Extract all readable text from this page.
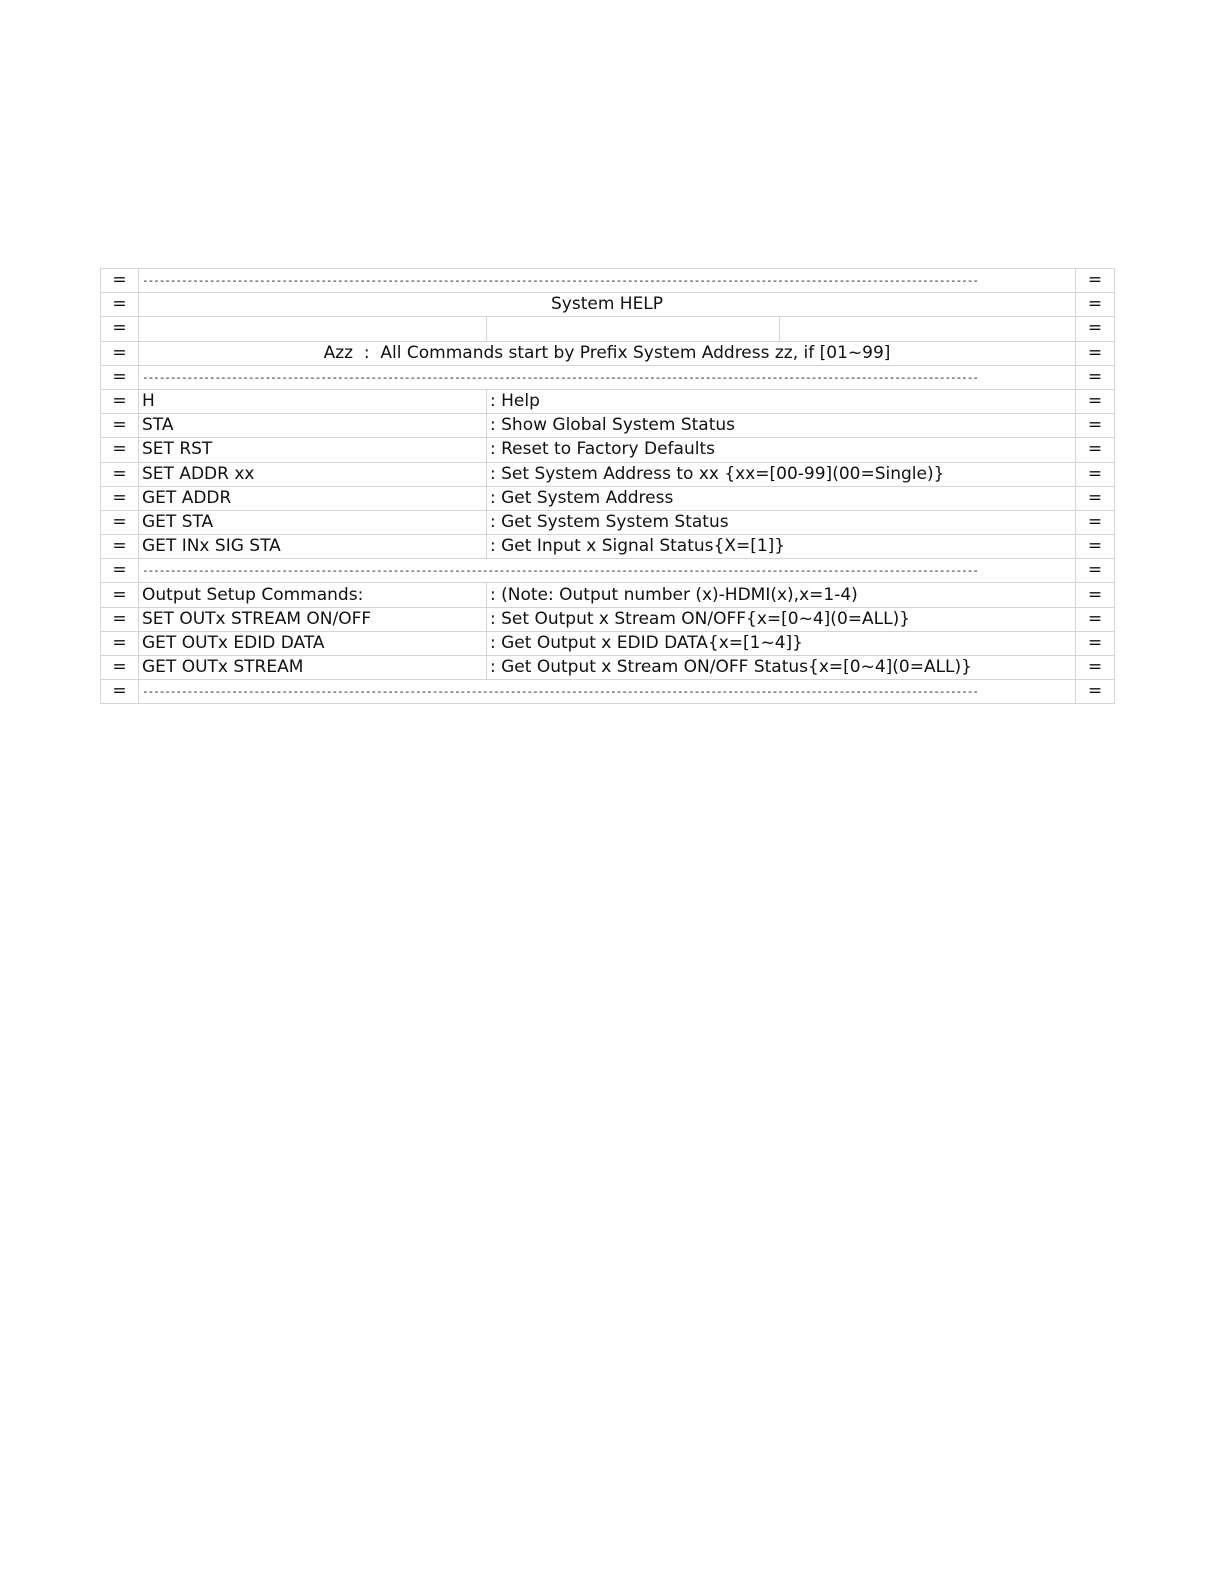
=	------------------------------------------------------------------------------------------------------------------------------------------------------			=
=	System HELP			=
=				=
=	Azz  :  All Commands start by Prefix System Address zz, if [01~99]			=
=	------------------------------------------------------------------------------------------------------------------------------------------------------			=
=	H	: Help		=
=	STA	: Show Global System Status		=
=	SET RST	: Reset to Factory Defaults		=
=	SET ADDR xx	: Set System Address to xx {xx=[00-99](00=Single)}		=
=	GET ADDR	: Get System Address		=
=	GET STA	: Get System System Status		=
=	GET INx SIG STA	: Get Input x Signal Status{X=[1]}		=
=	------------------------------------------------------------------------------------------------------------------------------------------------------			=
=	Output Setup Commands:	: (Note: Output number (x)-HDMI(x),x=1-4)		=
=	SET OUTx STREAM ON/OFF	: Set Output x Stream ON/OFF{x=[0~4](0=ALL)}		=
=	GET OUTx EDID DATA	: Get Output x EDID DATA{x=[1~4]}		=
=	GET OUTx STREAM	: Get Output x Stream ON/OFF Status{x=[0~4](0=ALL)}		=
=	------------------------------------------------------------------------------------------------------------------------------------------------------			=
